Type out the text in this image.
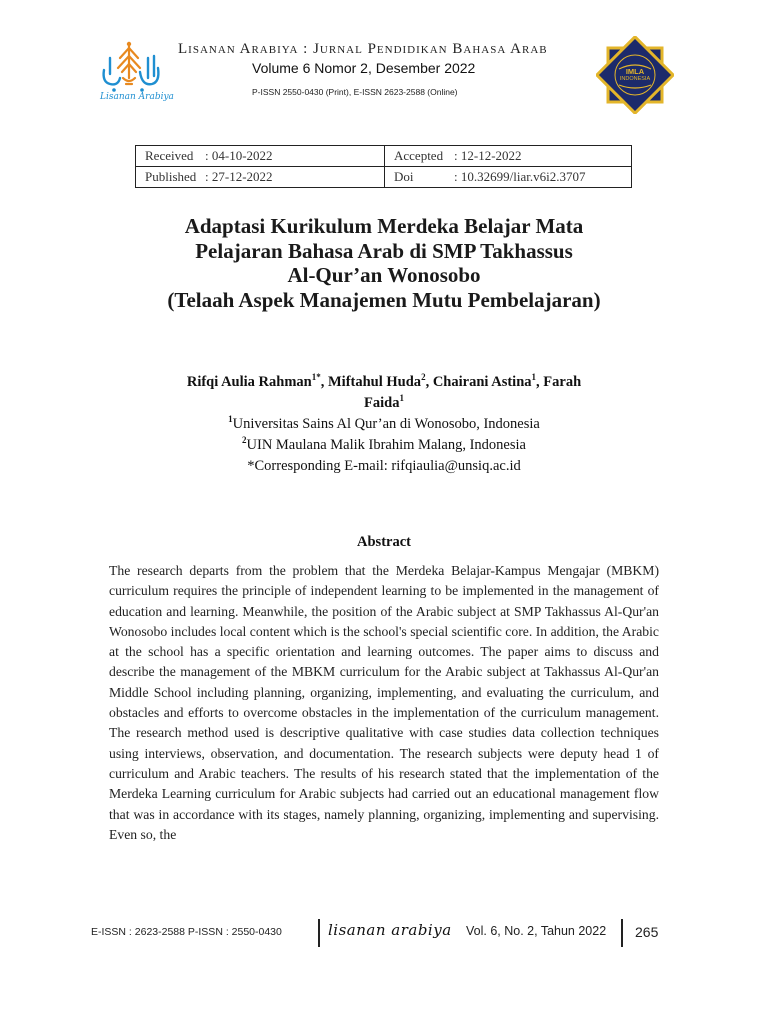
Lisanan Arabiya
Lisanan Arabiya : Jurnal Pendidikan Bahasa Arab
Volume 6 Nomor 2, Desember 2022
P-ISSN 2550-0430 (Print), E-ISSN 2623-2588 (Online)
IMLA
INDONESIA
Received : 04-10-2022	Accepted : 12-12-2022
Published : 27-12-2022	Doi : 10.32699/liar.v6i2.3707
Adaptasi Kurikulum Merdeka Belajar Mata
Pelajaran Bahasa Arab di SMP Takhassus
Al-Qur’an Wonosobo
(Telaah Aspek Manajemen Mutu Pembelajaran)
Rifqi Aulia Rahman$^{1*}$, Miftahul Huda$^2$, Chairani Astina$^1$, Farah
Faida$^1$
$^1$Universitas Sains Al Qur’an di Wonosobo, Indonesia
$^2$UIN Maulana Malik Ibrahim Malang, Indonesia
*Corresponding E-mail: rifqiaulia@unsiq.ac.id
Abstract

The research departs from the problem that the Merdeka Belajar-Kampus Mengajar (MBKM) curriculum requires the principle of independent learning to be implemented in the management of education and learning. Meanwhile, the position of the Arabic subject at SMP Takhassus Al-Qur'an Wonosobo includes local content which is the school's special scientific core. In addition, the Arabic at the school has a specific orientation and learning outcomes. The paper aims to discuss and describe the management of the MBKM curriculum for the Arabic subject at Takhassus Al-Qur'an Middle School including planning, organizing, implementing, and evaluating the curriculum, and obstacles and efforts to overcome obstacles in the implementation of the curriculum management. The research method used is descriptive qualitative with case studies data collection techniques using interviews, observation, and documentation. The research subjects were deputy head 1 of curriculum and Arabic teachers. The results of his research stated that the implementation of the Merdeka Learning curriculum for Arabic subjects had carried out an educational management flow that was in accordance with its stages, namely planning, organizing, implementing and supervising. Even so, the

E-ISSN : 2623-2588 P-ISSN : 2550-0430	lisanan arabiya Vol. 6, No. 2, Tahun 2022 265
